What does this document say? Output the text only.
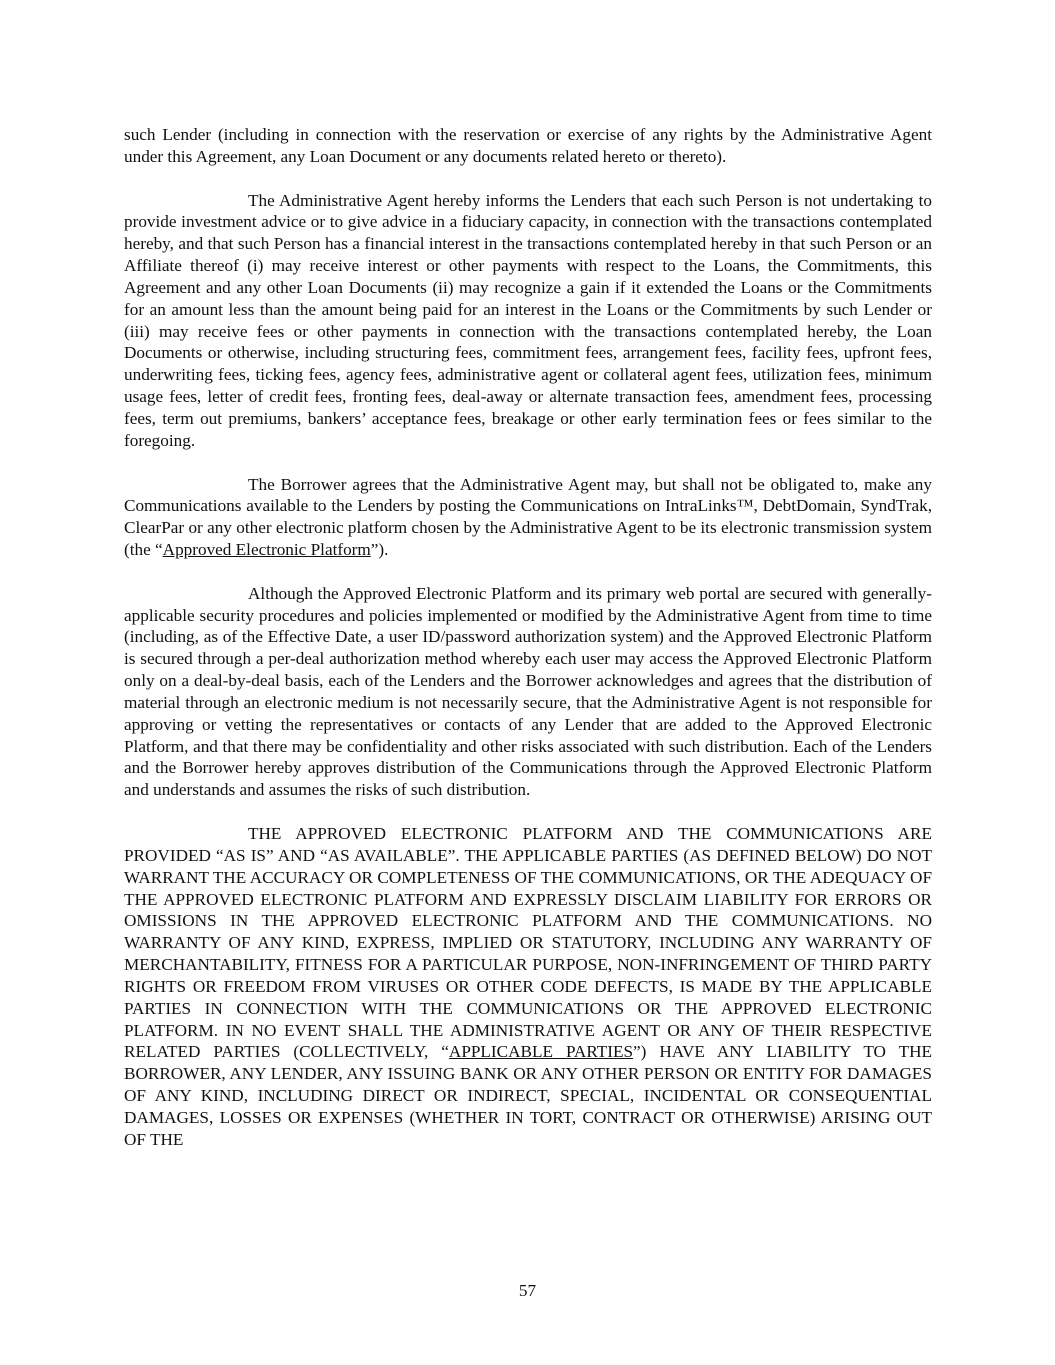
such Lender (including in connection with the reservation or exercise of any rights by the Administrative Agent under this Agreement, any Loan Document or any documents related hereto or thereto).

The Administrative Agent hereby informs the Lenders that each such Person is not undertaking to provide investment advice or to give advice in a fiduciary capacity, in connection with the transactions contemplated hereby, and that such Person has a financial interest in the transactions contemplated hereby in that such Person or an Affiliate thereof (i) may receive interest or other payments with respect to the Loans, the Commitments, this Agreement and any other Loan Documents (ii) may recognize a gain if it extended the Loans or the Commitments for an amount less than the amount being paid for an interest in the Loans or the Commitments by such Lender or (iii) may receive fees or other payments in connection with the transactions contemplated hereby, the Loan Documents or otherwise, including structuring fees, commitment fees, arrangement fees, facility fees, upfront fees, underwriting fees, ticking fees, agency fees, administrative agent or collateral agent fees, utilization fees, minimum usage fees, letter of credit fees, fronting fees, deal-away or alternate transaction fees, amendment fees, processing fees, term out premiums, bankers’ acceptance fees, breakage or other early termination fees or fees similar to the foregoing.

The Borrower agrees that the Administrative Agent may, but shall not be obligated to, make any Communications available to the Lenders by posting the Communications on IntraLinks™, DebtDomain, SyndTrak, ClearPar or any other electronic platform chosen by the Administrative Agent to be its electronic transmission system (the “Approved Electronic Platform”).

Although the Approved Electronic Platform and its primary web portal are secured with generally-applicable security procedures and policies implemented or modified by the Administrative Agent from time to time (including, as of the Effective Date, a user ID/password authorization system) and the Approved Electronic Platform is secured through a per-deal authorization method whereby each user may access the Approved Electronic Platform only on a deal-by-deal basis, each of the Lenders and the Borrower acknowledges and agrees that the distribution of material through an electronic medium is not necessarily secure, that the Administrative Agent is not responsible for approving or vetting the representatives or contacts of any Lender that are added to the Approved Electronic Platform, and that there may be confidentiality and other risks associated with such distribution. Each of the Lenders and the Borrower hereby approves distribution of the Communications through the Approved Electronic Platform and understands and assumes the risks of such distribution.

THE APPROVED ELECTRONIC PLATFORM AND THE COMMUNICATIONS ARE PROVIDED “AS IS” AND “AS AVAILABLE”. THE APPLICABLE PARTIES (AS DEFINED BELOW) DO NOT WARRANT THE ACCURACY OR COMPLETENESS OF THE COMMUNICATIONS, OR THE ADEQUACY OF THE APPROVED ELECTRONIC PLATFORM AND EXPRESSLY DISCLAIM LIABILITY FOR ERRORS OR OMISSIONS IN THE APPROVED ELECTRONIC PLATFORM AND THE COMMUNICATIONS. NO WARRANTY OF ANY KIND, EXPRESS, IMPLIED OR STATUTORY, INCLUDING ANY WARRANTY OF MERCHANTABILITY, FITNESS FOR A PARTICULAR PURPOSE, NON-INFRINGEMENT OF THIRD PARTY RIGHTS OR FREEDOM FROM VIRUSES OR OTHER CODE DEFECTS, IS MADE BY THE APPLICABLE PARTIES IN CONNECTION WITH THE COMMUNICATIONS OR THE APPROVED ELECTRONIC PLATFORM. IN NO EVENT SHALL THE ADMINISTRATIVE AGENT OR ANY OF THEIR RESPECTIVE RELATED PARTIES (COLLECTIVELY, “APPLICABLE PARTIES”) HAVE ANY LIABILITY TO THE BORROWER, ANY LENDER, ANY ISSUING BANK OR ANY OTHER PERSON OR ENTITY FOR DAMAGES OF ANY KIND, INCLUDING DIRECT OR INDIRECT, SPECIAL, INCIDENTAL OR CONSEQUENTIAL DAMAGES, LOSSES OR EXPENSES (WHETHER IN TORT, CONTRACT OR OTHERWISE) ARISING OUT OF THE

57
